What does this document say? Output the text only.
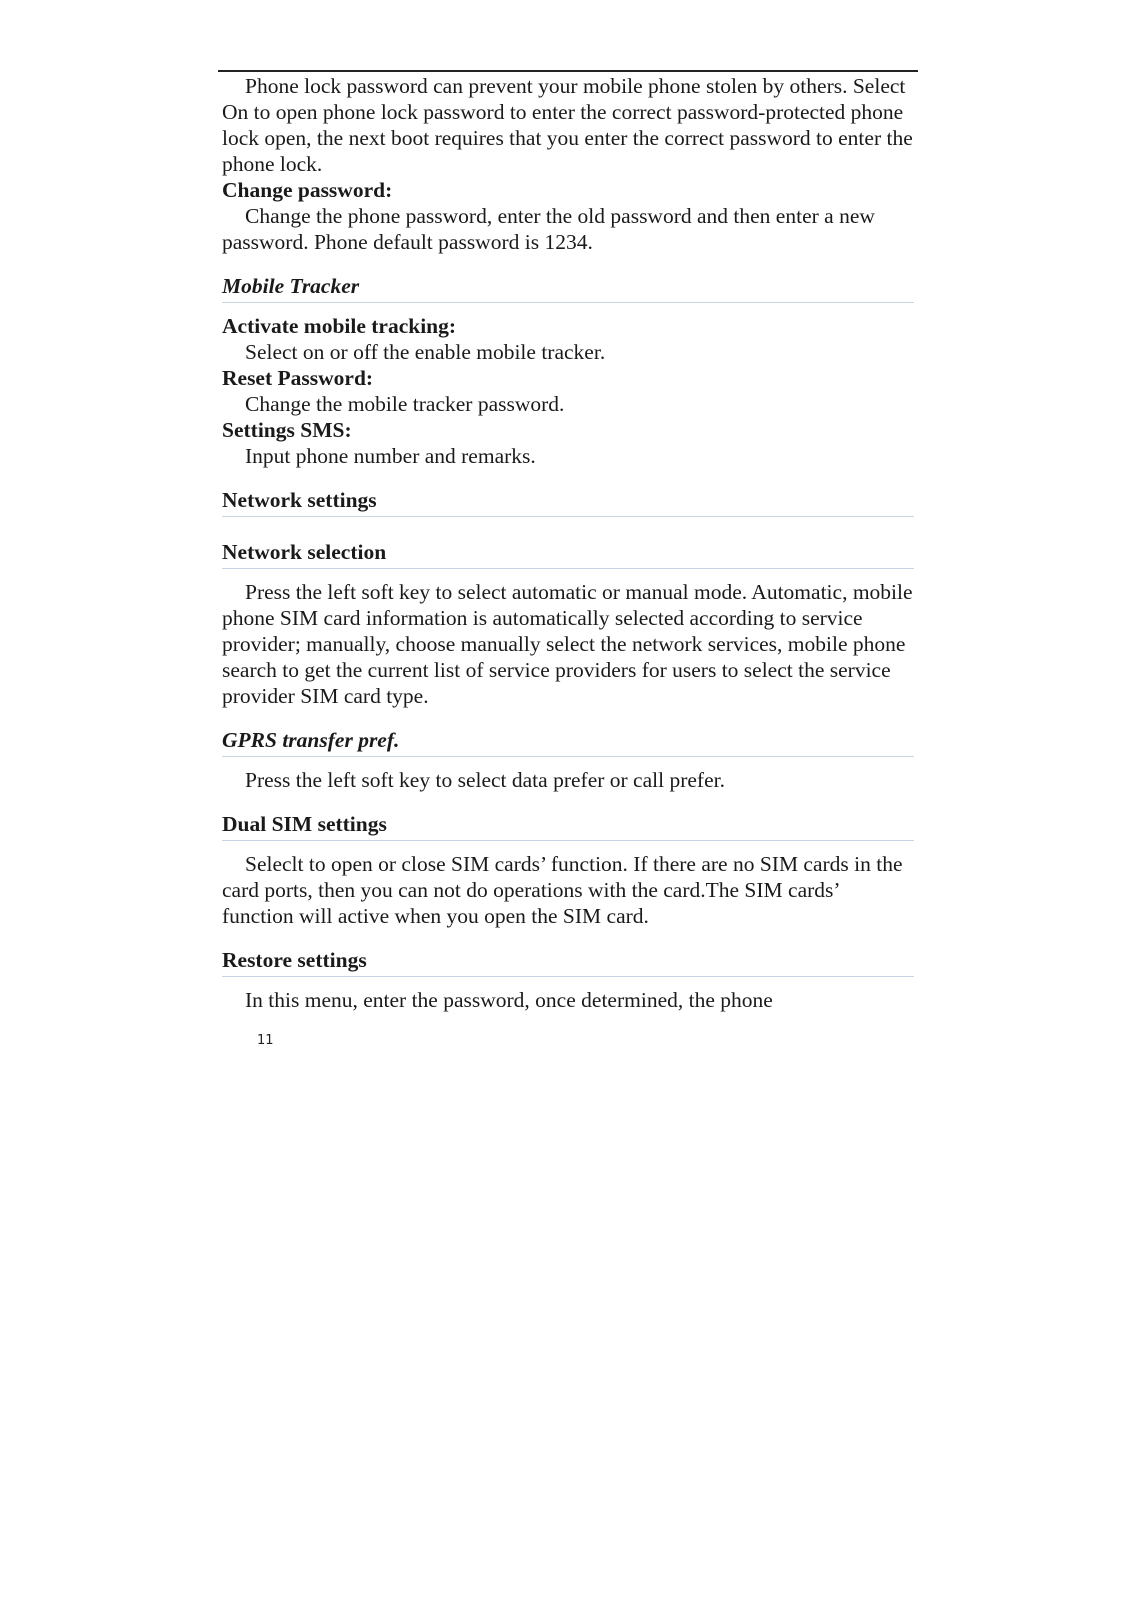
Phone lock password can prevent your mobile phone stolen by others. Select On to open phone lock password to enter the correct password-protected phone lock open, the next boot requires that you enter the correct password to enter the phone lock.

Change password:

Change the phone password, enter the old password and then enter a new password. Phone default password is 1234.

Mobile Tracker

Activate mobile tracking:

Select on or off the enable mobile tracker.

Reset Password:

Change the mobile tracker password.

Settings SMS:

Input phone number and remarks.

Network settings
Network selection

Press the left soft key to select automatic or manual mode. Automatic, mobile phone SIM card information is automatically selected according to service provider; manually, choose manually select the network services, mobile phone search to get the current list of service providers for users to select the service provider SIM card type.

GPRS transfer pref.

Press the left soft key to select data prefer or call prefer.

Dual SIM settings

Seleclt to open or close SIM cards’ function. If there are no SIM cards in the card ports, then you can not do operations with the card.The SIM cards’ function will active when you open the SIM card.

Restore settings

In this menu, enter the password, once determined, the phone

11
